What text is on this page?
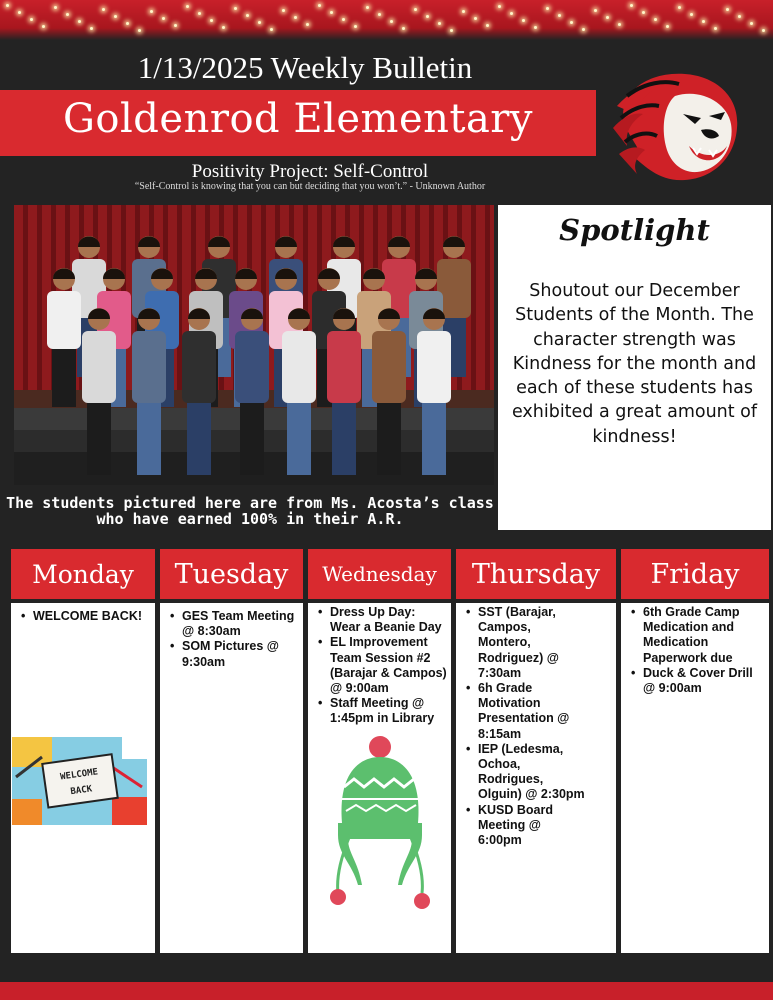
1/13/2025 Weekly Bulletin
Goldenrod Elementary
Positivity Project: Self-Control
“Self-Control is knowing that you can but deciding that you won’t.” - Unknown Author
The students pictured here are from Ms. Acosta’s class who have earned 100% in their A.R.
Spotlight
Shoutout our December Students of the Month. The character strength was Kindness for the month and each of these students has exhibited a great amount of kindness!
Monday	Tuesday	Wednesday	Thursday	Friday
• WELCOME BACK!
•	GES Team Meeting @ 8:30am
• SOM Pictures @ 9:30am
• Dress Up Day: Wear a Beanie Day
• EL Improvement Team Session #2 (Barajar & Campos) @ 9:00am
• Staff Meeting @ 1:45pm in Library
• SST (Barajar, Campos, Montero, Rodriguez) @ 7:30am
• 6h Grade Motivation Presentation @ 8:15am
• IEP (Ledesma, Ochoa, Rodrigues, Olguin) @ 2:30pm
• KUSD Board Meeting @ 6:00pm
• 6th Grade Camp Medication and Medication Paperwork due
• Duck & Cover Drill @ 9:00am
WELCOME
BACK
